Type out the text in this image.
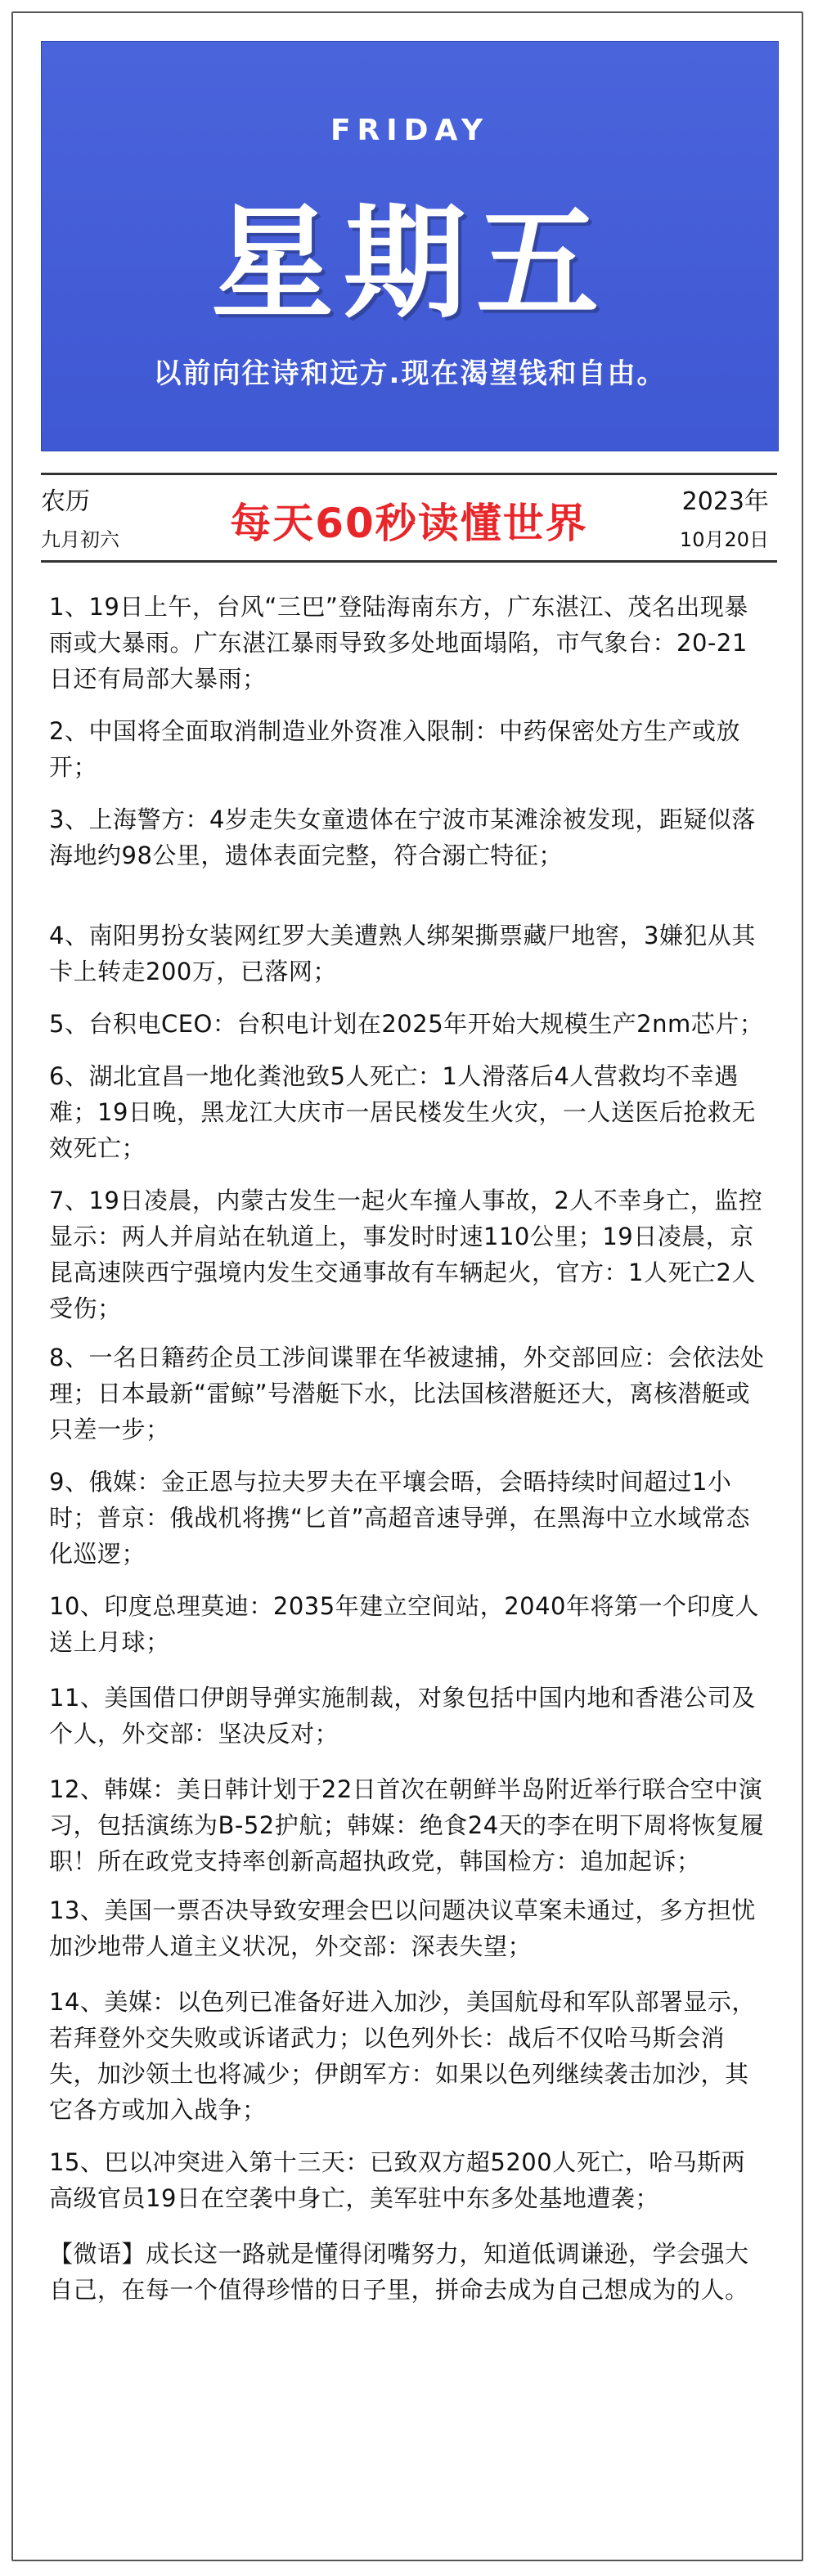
FRIDAY
星期五
以前向往诗和远方.现在渴望钱和自由。
农历
九月初六	每天60秒读懂世界	2023年
10月20日

1、19日上午，台风“三巴”登陆海南东方，广东湛江、茂名出现暴雨或大暴雨。广东湛江暴雨导致多处地面塌陷，市气象台：20-21日还有局部大暴雨；

2、中国将全面取消制造业外资准入限制：中药保密处方生产或放开；

3、上海警方：4岁走失女童遗体在宁波市某滩涂被发现，距疑似落海地约98公里，遗体表面完整，符合溺亡特征；

4、南阳男扮女装网红罗大美遭熟人绑架撕票藏尸地窖，3嫌犯从其卡上转走200万，已落网；

5、台积电CEO：台积电计划在2025年开始大规模生产2nm芯片；

6、湖北宜昌一地化粪池致5人死亡：1人滑落后4人营救均不幸遇难；19日晚，黑龙江大庆市一居民楼发生火灾，一人送医后抢救无效死亡；

7、19日凌晨，内蒙古发生一起火车撞人事故，2人不幸身亡，监控显示：两人并肩站在轨道上，事发时时速110公里；19日凌晨，京昆高速陕西宁强境内发生交通事故有车辆起火，官方：1人死亡2人受伤；

8、一名日籍药企员工涉间谍罪在华被逮捕，外交部回应：会依法处理；日本最新“雷鲸”号潜艇下水，比法国核潜艇还大，离核潜艇或只差一步；

9、俄媒：金正恩与拉夫罗夫在平壤会晤，会晤持续时间超过1小时；普京：俄战机将携“匕首”高超音速导弹，在黑海中立水域常态化巡逻；

10、印度总理莫迪：2035年建立空间站，2040年将第一个印度人送上月球；

11、美国借口伊朗导弹实施制裁，对象包括中国内地和香港公司及个人，外交部：坚决反对；

12、韩媒：美日韩计划于22日首次在朝鲜半岛附近举行联合空中演习，包括演练为B-52护航；韩媒：绝食24天的李在明下周将恢复履职！所在政党支持率创新高超执政党，韩国检方：追加起诉；

13、美国一票否决导致安理会巴以问题决议草案未通过，多方担忧加沙地带人道主义状况，外交部：深表失望；

14、美媒：以色列已准备好进入加沙，美国航母和军队部署显示，若拜登外交失败或诉诸武力；以色列外长：战后不仅哈马斯会消失，加沙领土也将减少；伊朗军方：如果以色列继续袭击加沙，其它各方或加入战争；

15、巴以冲突进入第十三天：已致双方超5200人死亡，哈马斯两高级官员19日在空袭中身亡，美军驻中东多处基地遭袭；

【微语】成长这一路就是懂得闭嘴努力，知道低调谦逊，学会强大自己，在每一个值得珍惜的日子里，拼命去成为自己想成为的人。
